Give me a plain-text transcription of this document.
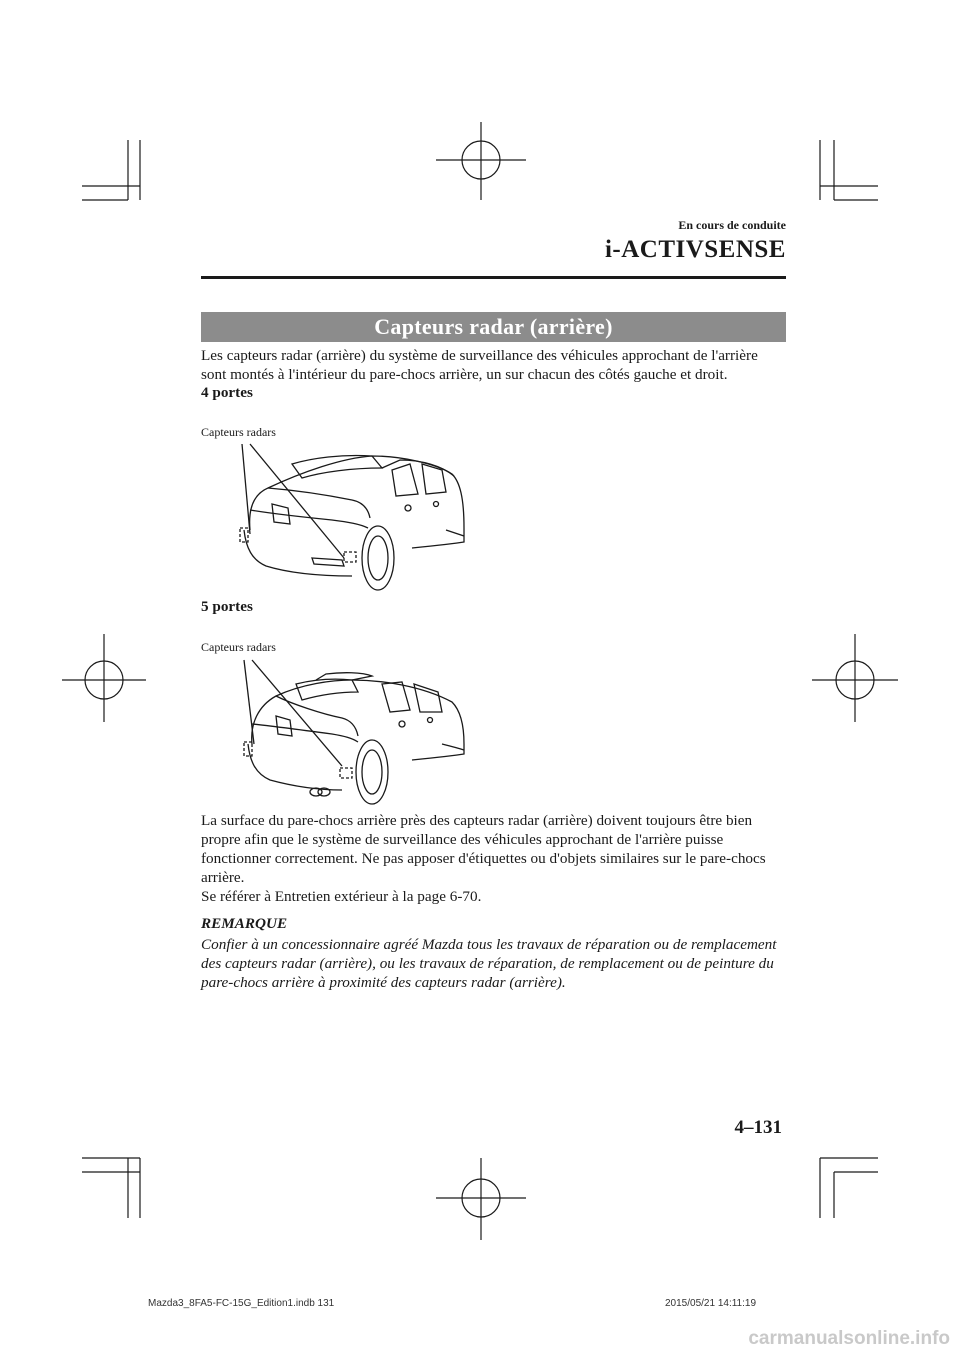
En cours de conduite
i-ACTIVSENSE
Capteurs radar (arrière)
Les capteurs radar (arrière) du système de surveillance des véhicules approchant de l'arrière sont montés à l'intérieur du pare-chocs arrière, un sur chacun des côtés gauche et droit.
4 portes
Capteurs radars
5 portes
Capteurs radars
La surface du pare-chocs arrière près des capteurs radar (arrière) doivent toujours être bien propre afin que le système de surveillance des véhicules approchant de l'arrière puisse fonctionner correctement. Ne pas apposer d'étiquettes ou d'objets similaires sur le pare-chocs arrière.
Se référer à Entretien extérieur à la page 6-70.
REMARQUE
Confier à un concessionnaire agréé Mazda tous les travaux de réparation ou de remplacement des capteurs radar (arrière), ou les travaux de réparation, de remplacement ou de peinture du pare-chocs arrière à proximité des capteurs radar (arrière).
4–131
Mazda3_8FA5-FC-15G_Edition1.indb 131	2015/05/21 14:11:19
carmanualsonline.info
